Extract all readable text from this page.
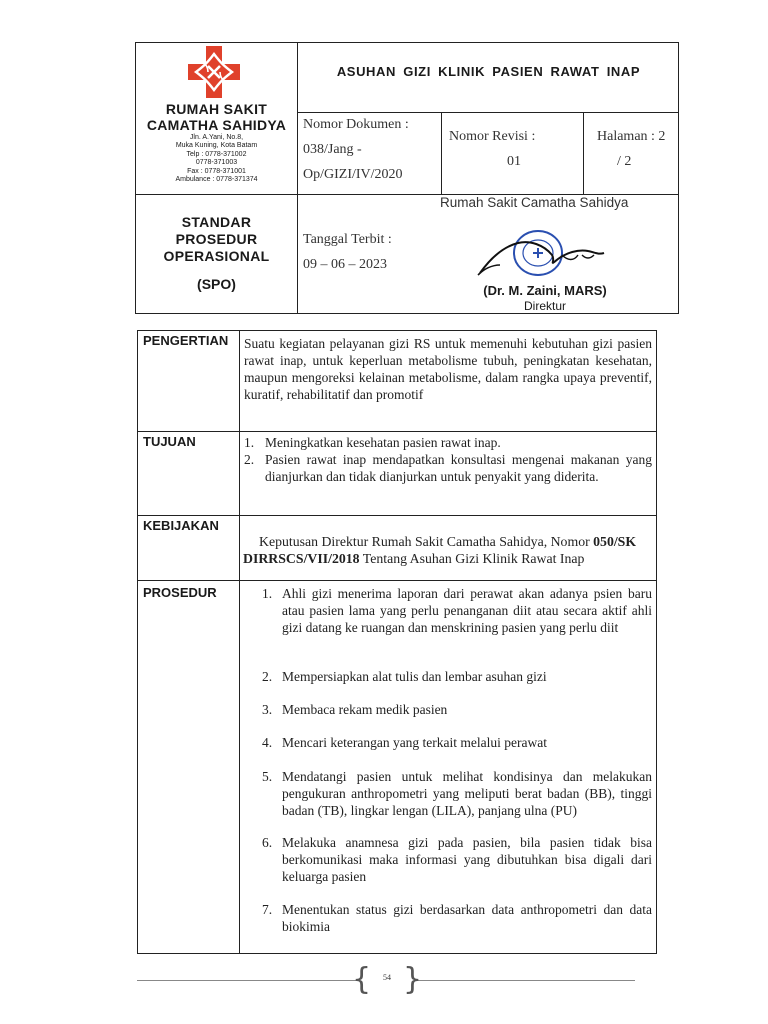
RUMAH SAKIT
CAMATHA SAHIDYA
Jln. A.Yani, No.8,
Muka Kuning, Kota Batam
Telp : 0778-371002
0778-371003
Fax : 0778-371001
Ambulance : 0778-371374
ASUHAN GIZI KLINIK PASIEN RAWAT INAP
Nomor Dokumen :
038/Jang -
Op/GIZI/IV/2020
Nomor Revisi :
01
Halaman : 2
/ 2
STANDAR
PROSEDUR
OPERASIONAL
(SPO)
Tanggal Terbit :
09 – 06 – 2023
Rumah Sakit Camatha Sahidya
(Dr. M. Zaini, MARS)
Direktur
PENGERTIAN Suatu kegiatan pelayanan gizi RS untuk memenuhi kebutuhan gizi pasien rawat inap, untuk keperluan metabolisme tubuh, peningkatan kesehatan, maupun mengoreksi kelainan metabolisme, dalam rangka upaya preventif, kuratif, rehabilitatif dan promotif
TUJUAN	1. Meningkatkan kesehatan pasien rawat inap.
2. Pasien rawat inap mendapatkan konsultasi mengenai makanan yang dianjurkan dan tidak dianjurkan untuk penyakit yang diderita.
KEBIJAKAN
Keputusan Direktur Rumah Sakit Camatha Sahidya, Nomor 050/SK
DIRRSCS/VII/2018 Tentang Asuhan Gizi Klinik Rawat Inap
PROSEDUR	1. Ahli gizi menerima laporan dari perawat akan adanya psien baru atau pasien lama yang perlu penanganan diit atau secara aktif ahli gizi datang ke ruangan dan menskrining pasien yang perlu diit
2. Mempersiapkan alat tulis dan lembar asuhan gizi
3. Membaca rekam medik pasien
4. Mencari keterangan yang terkait melalui perawat
5. Mendatangi pasien untuk melihat kondisinya dan melakukan pengukuran anthropometri yang meliputi berat badan (BB), tinggi badan (TB), lingkar lengan (LILA), panjang ulna (PU)
6. Melakuka anamnesa gizi pada pasien, bila pasien tidak bisa berkomunikasi maka informasi yang dibutuhkan bisa digali dari keluarga pasien
7. Menentukan status gizi berdasarkan data anthropometri dan data biokimia
{ }
54
